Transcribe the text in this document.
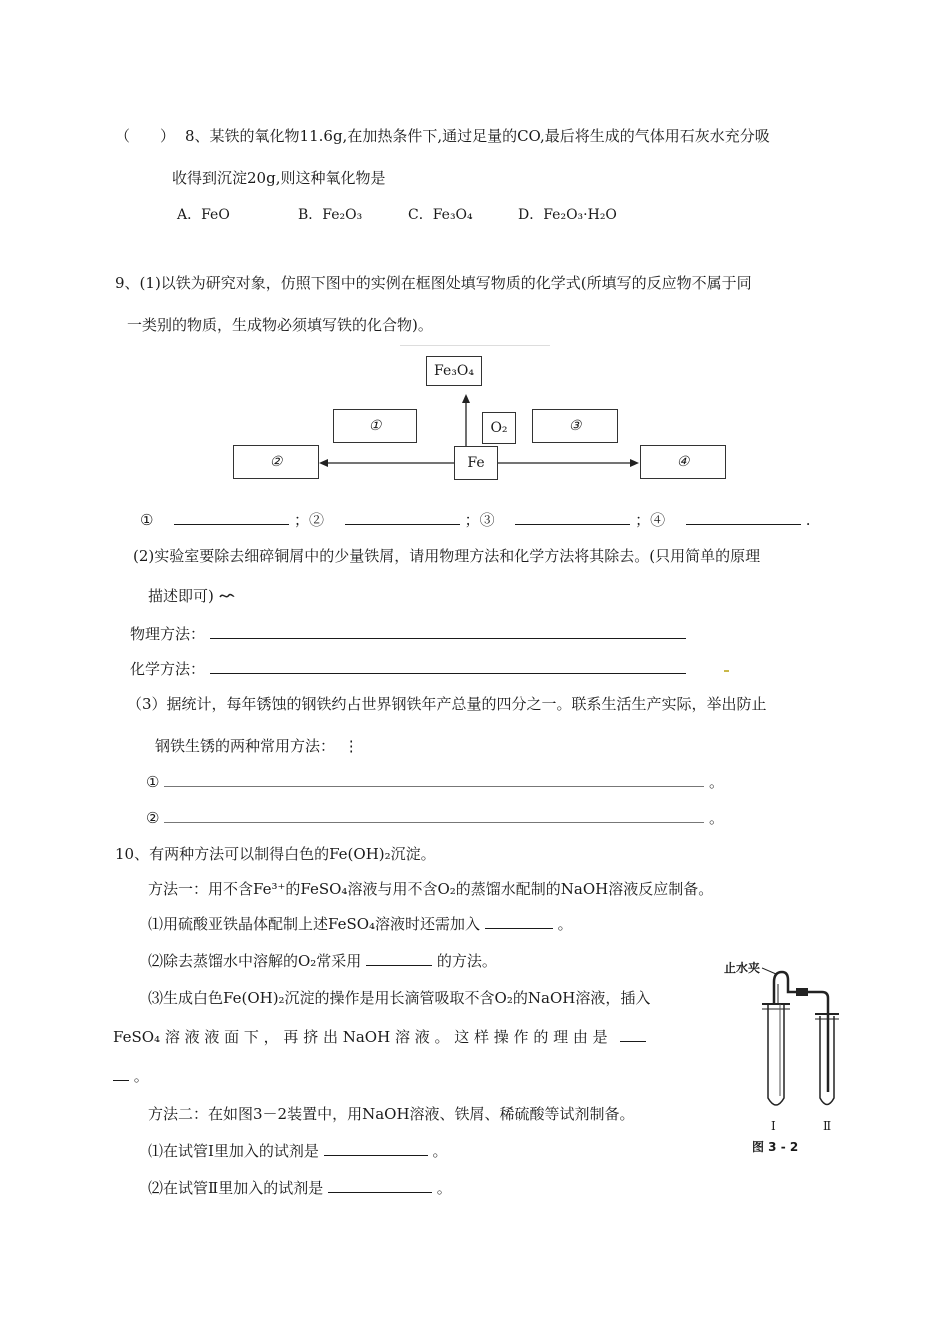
（　　） 8、某铁的氧化物11.6g,在加热条件下,通过足量的CO,最后将生成的气体用石灰水充分吸
收得到沉淀20g,则这种氧化物是
A．FeO	B．Fe₂O₃	C．Fe₃O₄	D．Fe₂O₃·H₂O
9、(1)以铁为研究对象，仿照下图中的实例在框图处填写物质的化学式(所填写的反应物不属于同
一类别的物质，生成物必须填写铁的化合物)。
Fe₃O₄
①	O₂	③
②	Fe	④
①	；②	；③	；④	.
(2)实验室要除去细碎铜屑中的少量铁屑，请用物理方法和化学方法将其除去。(只用简单的原理
描述即可)
物理方法：
化学方法：
（3）据统计，每年锈蚀的钢铁约占世界钢铁年产总量的四分之一。联系生活生产实际，举出防止
钢铁生锈的两种常用方法： ⋮
①	。
②	。
10、有两种方法可以制得白色的Fe(OH)₂沉淀。
方法一：用不含Fe³⁺的FeSO₄溶液与用不含O₂的蒸馏水配制的NaOH溶液反应制备。
⑴用硫酸亚铁晶体配制上述FeSO₄溶液时还需加入	。
⑵除去蒸馏水中溶解的O₂常采用	的方法。
⑶生成白色Fe(OH)₂沉淀的操作是用长滴管吸取不含O₂的NaOH溶液，插入
FeSO₄ 溶 液 液 面 下 ， 再 挤 出 NaOH 溶 液 。 这 样 操 作 的 理 由 是
。
方法二：在如图3－2装置中，用NaOH溶液、铁屑、稀硫酸等试剂制备。
⑴在试管Ⅰ里加入的试剂是	。
⑵在试管Ⅱ里加入的试剂是	。
止水夹
Ⅰ	Ⅱ
图 3 - 2
